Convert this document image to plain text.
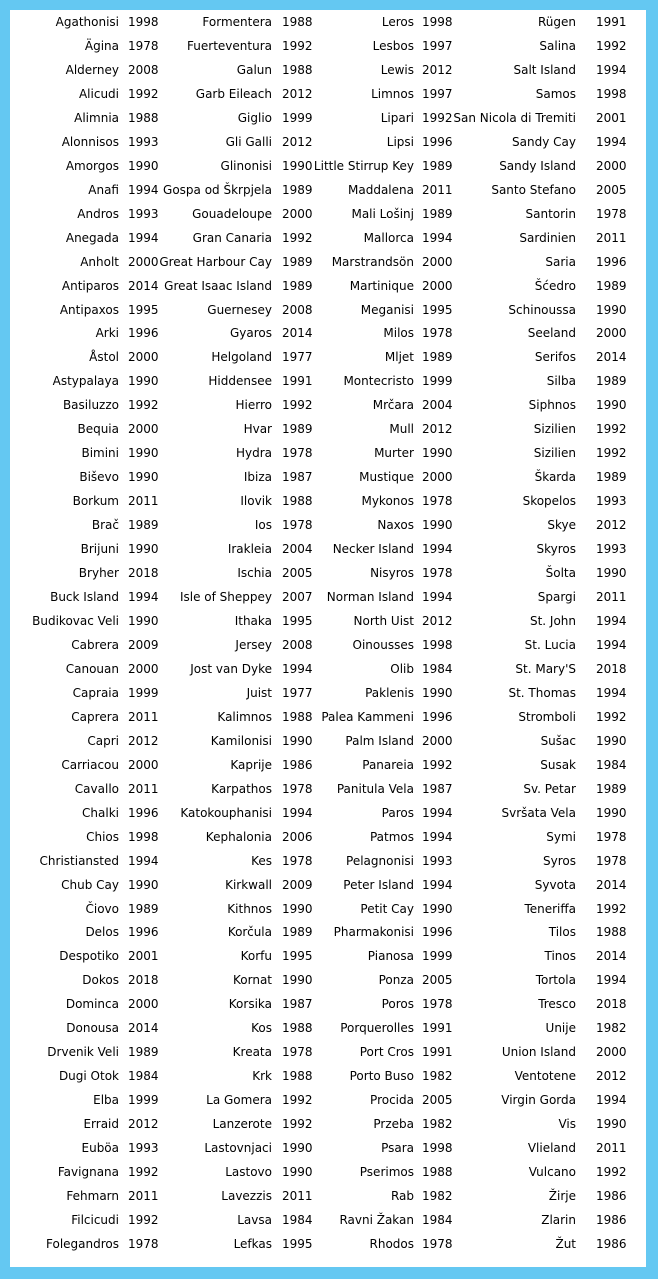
Agathonisi 1998
Ägina 1978
Alderney 2008
Alicudi 1992
Alimnia 1988
Alonnisos 1993
Amorgos 1990
Anafi 1994
Andros 1993
Anegada 1994
Anholt 2000
Antiparos 2014
Antipaxos 1995
Arki 1996
Åstol 2000
Astypalaya 1990
Basiluzzo 1992
Bequia 2000
Bimini 1990
Biševo 1990
Borkum 2011
Brač 1989
Brijuni 1990
Bryher 2018
Buck Island 1994
Budikovac Veli 1990
Cabrera 2009
Canouan 2000
Capraia 1999
Caprera 2011
Capri 2012
Carriacou 2000
Cavallo 2011
Chalki 1996
Chios 1998
Christiansted 1994
Chub Cay 1990
Čiovo 1989
Delos 1996
Despotiko 2001
Dokos 2018
Dominca 2000
Donousa 2014
Drvenik Veli 1989
Dugi Otok 1984
Elba 1999
Erraid 2012
Euböa 1993
Favignana 1992
Fehmarn 2011
Filcicudi 1992
Folegandros 1978
Formentera 1988
Fuerteventura 1992
Galun 1988
Garb Eileach 2012
Giglio 1999
Gli Galli 2012
Glinonisi 1990
Gospa od Škrpjela 1989
Gouadeloupe 2000
Gran Canaria 1992
Great Harbour Cay 1989
Great Isaac Island 1989
Guernesey 2008
Gyaros 2014
Helgoland 1977
Hiddensee 1991
Hierro 1992
Hvar 1989
Hydra 1978
Ibiza 1987
Ilovik 1988
Ios 1978
Irakleia 2004
Ischia 2005
Isle of Sheppey 2007
Ithaka 1995
Jersey 2008
Jost van Dyke 1994
Juist 1977
Kalimnos 1988
Kamilonisi 1990
Kaprije 1986
Karpathos 1978
Katokouphanisi 1994
Kephalonia 2006
Kes 1978
Kirkwall 2009
Kithnos 1990
Korčula 1989
Korfu 1995
Kornat 1990
Korsika 1987
Kos 1988
Kreata 1978
Krk 1988
La Gomera 1992
Lanzerote 1992
Lastovnjaci 1990
Lastovo 1990
Lavezzis 2011
Lavsa 1984
Lefkas 1995
Leros 1998
Lesbos 1997
Lewis 2012
Limnos 1997
Lipari 1992
Lipsi 1996
Little Stirrup Key 1989
Maddalena 2011
Mali Lošinj 1989
Mallorca 1994
Marstrandsön 2000
Martinique 2000
Meganisi 1995
Milos 1978
Mljet 1989
Montecristo 1999
Mrčara 2004
Mull 2012
Murter 1990
Mustique 2000
Mykonos 1978
Naxos 1990
Necker Island 1994
Nisyros 1978
Norman Island 1994
North Uist 2012
Oinousses 1998
Olib 1984
Paklenis 1990
Palea Kammeni 1996
Palm Island 2000
Panareia 1992
Panitula Vela 1987
Paros 1994
Patmos 1994
Pelagnonisi 1993
Peter Island 1994
Petit Cay 1990
Pharmakonisi 1996
Pianosa 1999
Ponza 2005
Poros 1978
Porquerolles 1991
Port Cros 1991
Porto Buso 1982
Procida 2005
Przeba 1982
Psara 1998
Pserimos 1988
Rab 1982
Ravni Žakan 1984
Rhodos 1978
Rügen 1991
Salina 1992
Salt Island 1994
Samos 1998
San Nicola di Tremiti 2001
Sandy Cay 1994
Sandy Island 2000
Santo Stefano 2005
Santorin 1978
Sardinien 2011
Saria 1996
Šćedro 1989
Schinoussa 1990
Seeland 2000
Serifos 2014
Silba 1989
Siphnos 1990
Sizilien 1992
Sizilien 1992
Škarda 1989
Skopelos 1993
Skye 2012
Skyros 1993
Šolta 1990
Spargi 2011
St. John 1994
St. Lucia 1994
St. Mary'S 2018
St. Thomas 1994
Stromboli 1992
Sušac 1990
Susak 1984
Sv. Petar 1989
Svršata Vela 1990
Symi 1978
Syros 1978
Syvota 2014
Teneriffa 1992
Tilos 1988
Tinos 2014
Tortola 1994
Tresco 2018
Unije 1982
Union Island 2000
Ventotene 2012
Virgin Gorda 1994
Vis 1990
Vlieland 2011
Vulcano 1992
Žirje 1986
Zlarin 1986
Žut 1986
